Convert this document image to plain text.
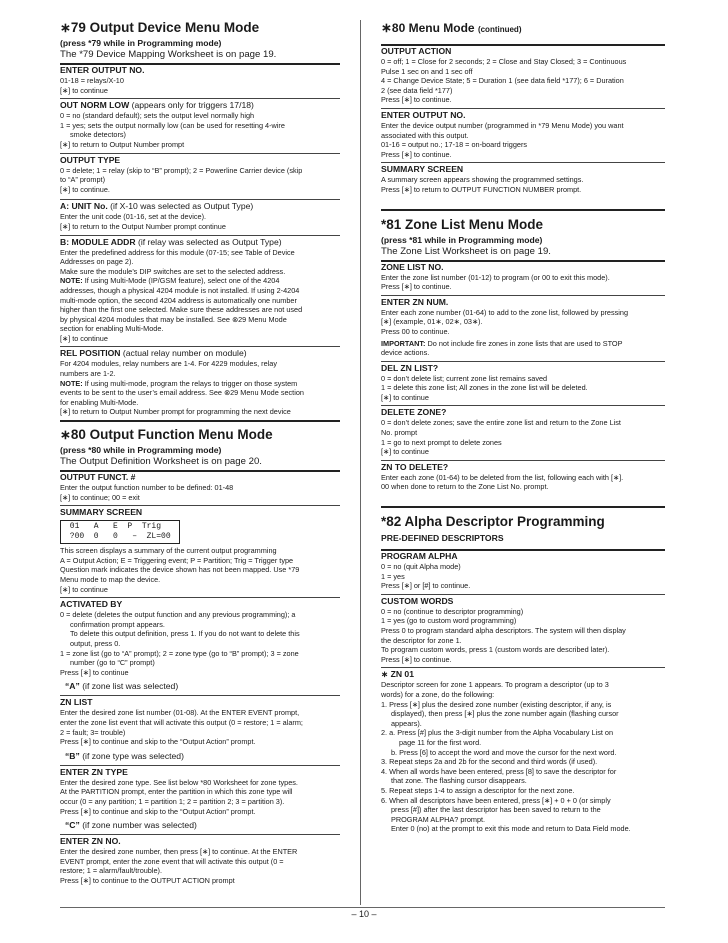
∗79 Output Device Menu Mode
(press *79 while in Programming mode)
The *79 Device Mapping Worksheet is on page 19.
ENTER OUTPUT NO.
01-18 = relays/X-10
[∗] to continue
OUT NORM LOW (appears only for triggers 17/18)
0 = no (standard default); sets the output level normally high
1 = yes; sets the output normally low (can be used for resetting 4-wire
smoke detectors)
[∗] to return to Output Number prompt
OUTPUT TYPE
0 = delete; 1 = relay (skip to “B” prompt); 2 = Powerline Carrier device (skip
to “A” prompt)
[∗] to continue.
A: UNIT No. (if X-10 was selected as Output Type)
Enter the unit code (01-16, set at the device).
[∗] to return to the Output Number prompt continue
B: MODULE ADDR (if relay was selected as Output Type)
Enter the predefined address for this module (07-15; see Table of Device
Addresses on page 2).
Make sure the module’s DIP switches are set to the selected address.
NOTE: If using Multi-Mode (IP/GSM feature), select one of the 4204
addresses, though a physical 4204 module is not installed. If using 2-4204
multi-mode option, the second 4204 address is automatically one number
higher than the first one selected. Make sure these addresses are not used
by physical 4204 modules that may be installed. See ⊗29 Menu Mode
section for enabling Multi-Mode.
[∗] to continue
REL POSITION (actual relay number on module)
For 4204 modules, relay numbers are 1-4. For 4229 modules, relay
numbers are 1-2.
NOTE: If using multi-mode, program the relays to trigger on those system
events to be sent to the user’s email address. See ⊗29 Menu Mode section
for enabling Multi-Mode.
[∗] to return to Output Number prompt for programming the next device
∗80 Output Function Menu Mode
(press *80 while in Programming mode)
The Output Definition Worksheet is on page 20.
OUTPUT FUNCT. #
Enter the output function number to be defined: 01-48
[∗] to continue; 00 = exit
SUMMARY SCREEN
01   A   E  P  Trig
?00  0   0   –  ZL=00
This screen displays a summary of the current output programming
A = Output Action; E = Triggering event; P = Partition; Trig = Trigger type
Question mark indicates the device shown has not been mapped. Use *79
Menu mode to map the device.
[∗] to continue
ACTIVATED BY
0 = delete (deletes the output function and any previous programming); a
confirmation prompt appears.
To delete this output definition, press 1. If you do not want to delete this
output, press 0.
1 = zone list (go to “A” prompt); 2 = zone type (go to “B” prompt); 3 = zone
number (go to “C” prompt)
Press [∗] to continue
“A” (if zone list was selected)
ZN LIST
Enter the desired zone list number (01-08). At the ENTER EVENT prompt,
enter the zone list event that will activate this output (0 = restore; 1 = alarm;
2 = fault; 3= trouble)
Press [∗] to continue and skip to the “Output Action” prompt.
“B” (if zone type was selected)
ENTER ZN TYPE
Enter the desired zone type. See list below *80 Worksheet for zone types.
At the PARTITION prompt, enter the partition in which this zone type will
occur (0 = any partition; 1 = partition 1; 2 = partition 2; 3 = partition 3).
Press [∗] to continue and skip to the “Output Action” prompt.
“C” (if zone number was selected)
ENTER ZN NO.
Enter the desired zone number, then press [∗] to continue. At the ENTER
EVENT prompt, enter the zone event that will activate this output (0 =
restore; 1 = alarm/fault/trouble).
Press [∗] to continue to the OUTPUT ACTION prompt
∗80 Menu Mode (continued)
OUTPUT ACTION
0 = off; 1 = Close for 2 seconds; 2 = Close and Stay Closed; 3 = Continuous
Pulse 1 sec on and 1 sec off
4 = Change Device State; 5 = Duration 1 (see data field *177); 6 = Duration
2 (see data field *177)
Press [∗] to continue.
ENTER OUTPUT NO.
Enter the device output number (programmed in *79 Menu Mode) you want
associated with this output.
01-16 = output no.; 17-18 = on-board triggers
Press [∗] to continue.
SUMMARY SCREEN
A summary screen appears showing the programmed settings.
Press [∗] to return to OUTPUT FUNCTION NUMBER prompt.
*81 Zone List Menu Mode
(press *81 while in Programming mode)
The Zone List Worksheet is on page 19.
ZONE LIST NO.
Enter the zone list number (01-12) to program (or 00 to exit this mode).
Press [∗] to continue.
ENTER ZN NUM.
Enter each zone number (01-64) to add to the zone list, followed by pressing
[∗] (example, 01∗, 02∗, 03∗).
Press 00 to continue.
IMPORTANT: Do not include fire zones in zone lists that are used to STOP
device actions.
DEL ZN LIST?
0 = don’t delete list; current zone list remains saved
1 = delete this zone list; All zones in the zone list will be deleted.
[∗] to continue
DELETE ZONE?
0 = don’t delete zones; save the entire zone list and return to the Zone List
No. prompt
1 = go to next prompt to delete zones
[∗] to continue
ZN TO DELETE?
Enter each zone (01-64) to be deleted from the list, following each with [∗].
00 when done to return to the Zone List No. prompt.
*82 Alpha Descriptor Programming
PRE-DEFINED DESCRIPTORS
PROGRAM ALPHA
0 = no (quit Alpha mode)
1 = yes
Press [∗] or [#] to continue.
CUSTOM WORDS
0 = no (continue to descriptor programming)
1 = yes (go to custom word programming)
Press 0 to program standard alpha descriptors. The system will then display
the descriptor for zone 1.
To program custom words, press 1 (custom words are described later).
Press [∗] to continue.
∗ ZN 01
Descriptor screen for zone 1 appears. To program a descriptor (up to 3
words) for a zone, do the following:
1. Press [∗] plus the desired zone number (existing descriptor, if any, is
displayed), then press [∗] plus the zone number again (flashing cursor
appears).
2. a. Press [#] plus the 3-digit number from the Alpha Vocabulary List on
page 11 for the first word.
b. Press [6] to accept the word and move the cursor for the next word.
3. Repeat steps 2a and 2b for the second and third words (if used).
4. When all words have been entered, press [8] to save the descriptor for
that zone. The flashing cursor disappears.
5. Repeat steps 1-4 to assign a descriptor for the next zone.
6. When all descriptors have been entered, press [∗] + 0 + 0 (or simply
press [#]) after the last descriptor has been saved to return to the
PROGRAM ALPHA? prompt.
Enter 0 (no) at the prompt to exit this mode and return to Data Field mode.
– 10 –
